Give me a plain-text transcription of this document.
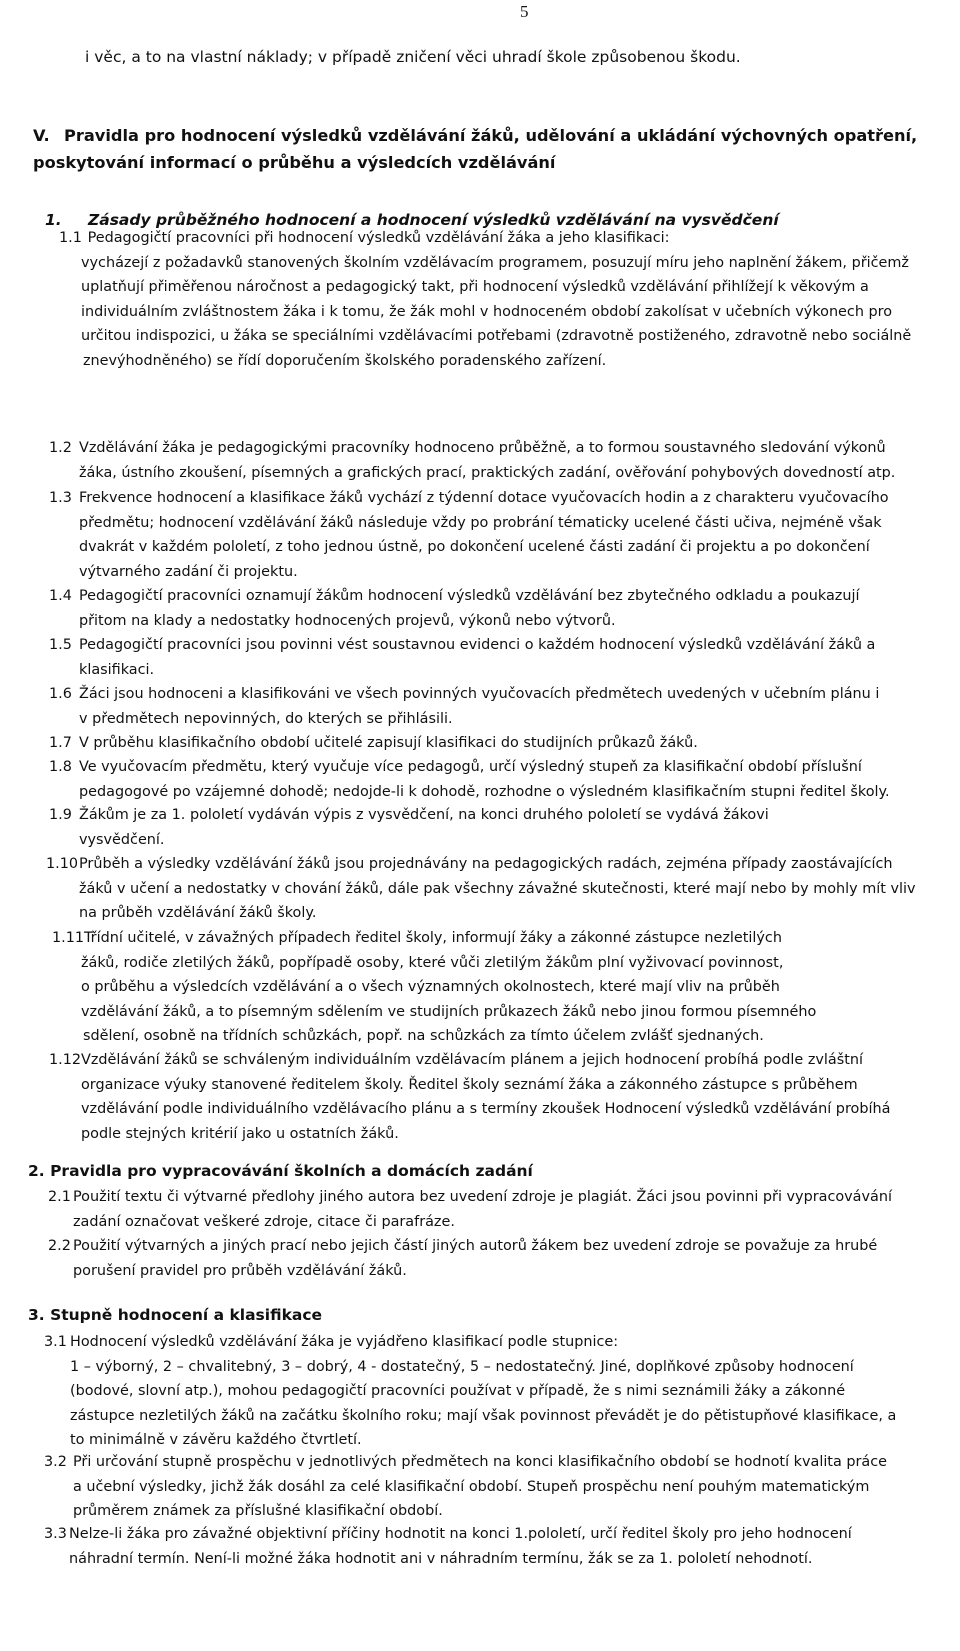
5
i věc, a to na vlastní náklady; v případě zničení věci uhradí škole způsobenou škodu.
V. Pravidla pro hodnocení výsledků vzdělávání žáků, udělování a ukládání výchovných opatření,
poskytování informací o průběhu a výsledcích vzdělávání
1. Zásady průběžného hodnocení a hodnocení výsledků vzdělávání na vysvědčení
1.1 Pedagogičtí pracovníci při hodnocení výsledků vzdělávání žáka a jeho klasifikaci:
vycházejí z požadavků stanovených školním vzdělávacím programem, posuzují míru jeho naplnění žákem, přičemž
uplatňují přiměřenou náročnost a pedagogický takt, při hodnocení výsledků vzdělávání přihlížejí k věkovým a
individuálním zvláštnostem žáka i k tomu, že žák mohl v hodnoceném období zakolísat v učebních výkonech pro
určitou indispozici, u žáka se speciálními vzdělávacími potřebami (zdravotně postiženého, zdravotně nebo sociálně
znevýhodněného) se řídí doporučením školského poradenského zařízení.
1.2 Vzdělávání žáka je pedagogickými pracovníky hodnoceno průběžně, a to formou soustavného sledování výkonů
žáka, ústního zkoušení, písemných a grafických prací, praktických zadání, ověřování pohybových dovedností atp.
1.3 Frekvence hodnocení a klasifikace žáků vychází z týdenní dotace vyučovacích hodin a z charakteru vyučovacího
předmětu; hodnocení vzdělávání žáků následuje vždy po probrání tématicky ucelené části učiva, nejméně však
dvakrát v každém pololetí, z toho jednou ústně, po dokončení ucelené části zadání či projektu a po dokončení
výtvarného zadání či projektu.
1.4 Pedagogičtí pracovníci oznamují žákům hodnocení výsledků vzdělávání bez zbytečného odkladu a poukazují
přitom na klady a nedostatky hodnocených projevů, výkonů nebo výtvorů.
1.5 Pedagogičtí pracovníci jsou povinni vést soustavnou evidenci o každém hodnocení výsledků vzdělávání žáků a
klasifikaci.
1.6 Žáci jsou hodnoceni a klasifikováni ve všech povinných vyučovacích předmětech uvedených v učebním plánu i
v předmětech nepovinných, do kterých se přihlásili.
1.7 V průběhu klasifikačního období učitelé zapisují klasifikaci do studijních průkazů žáků.
1.8 Ve vyučovacím předmětu, který vyučuje více pedagogů, určí výsledný stupeň za klasifikační období příslušní
pedagogové po vzájemné dohodě; nedojde-li k dohodě, rozhodne o výsledném klasifikačním stupni ředitel školy.
1.9 Žákům je za 1. pololetí vydáván výpis z vysvědčení, na konci druhého pololetí se vydává žákovi
vysvědčení.
1.10Průběh a výsledky vzdělávání žáků jsou projednávány na pedagogických radách, zejména případy zaostávajících
žáků v učení a nedostatky v chování žáků, dále pak všechny závažné skutečnosti, které mají nebo by mohly mít vliv
na průběh vzdělávání žáků školy.
1.11Třídní učitelé, v závažných případech ředitel školy, informují žáky a zákonné zástupce nezletilých
žáků, rodiče zletilých žáků, popřípadě osoby, které vůči zletilým žákům plní vyživovací povinnost,
o průběhu a výsledcích vzdělávání a o všech významných okolnostech, které mají vliv na průběh
vzdělávání žáků, a to písemným sdělením ve studijních průkazech žáků nebo jinou formou písemného
sdělení, osobně na třídních schůzkách, popř. na schůzkách za tímto účelem zvlášť sjednaných.
1.12Vzdělávání žáků se schváleným individuálním vzdělávacím plánem a jejich hodnocení probíhá podle zvláštní
organizace výuky stanovené ředitelem školy. Ředitel školy seznámí žáka a zákonného zástupce s průběhem
vzdělávání podle individuálního vzdělávacího plánu a s termíny zkoušek Hodnocení výsledků vzdělávání probíhá
podle stejných kritérií jako u ostatních žáků.
2. Pravidla pro vypracovávání školních a domácích zadání
2.1 Použití textu či výtvarné předlohy jiného autora bez uvedení zdroje je plagiát. Žáci jsou povinni při vypracovávání
zadání označovat veškeré zdroje, citace či parafráze.
2.2 Použití výtvarných a jiných prací nebo jejich částí jiných autorů žákem bez uvedení zdroje se považuje za hrubé
porušení pravidel pro průběh vzdělávání žáků.
3. Stupně hodnocení a klasifikace
3.1 Hodnocení výsledků vzdělávání žáka je vyjádřeno klasifikací podle stupnice:
1 – výborný, 2 – chvalitebný, 3 – dobrý, 4 - dostatečný, 5 – nedostatečný. Jiné, doplňkové způsoby hodnocení
(bodové, slovní atp.), mohou pedagogičtí pracovníci používat v případě, že s nimi seznámili žáky a zákonné
zástupce nezletilých žáků na začátku školního roku; mají však povinnost převádět je do pětistupňové klasifikace, a
to minimálně v závěru každého čtvrtletí.
3.2 Při určování stupně prospěchu v jednotlivých předmětech na konci klasifikačního období se hodnotí kvalita práce
a učební výsledky, jichž žák dosáhl za celé klasifikační období. Stupeň prospěchu není pouhým matematickým
průměrem známek za příslušné klasifikační období.
3.3 Nelze-li žáka pro závažné objektivní příčiny hodnotit na konci 1.pololetí, určí ředitel školy pro jeho hodnocení
náhradní termín. Není-li možné žáka hodnotit ani v náhradním termínu, žák se za 1. pololetí nehodnotí.
